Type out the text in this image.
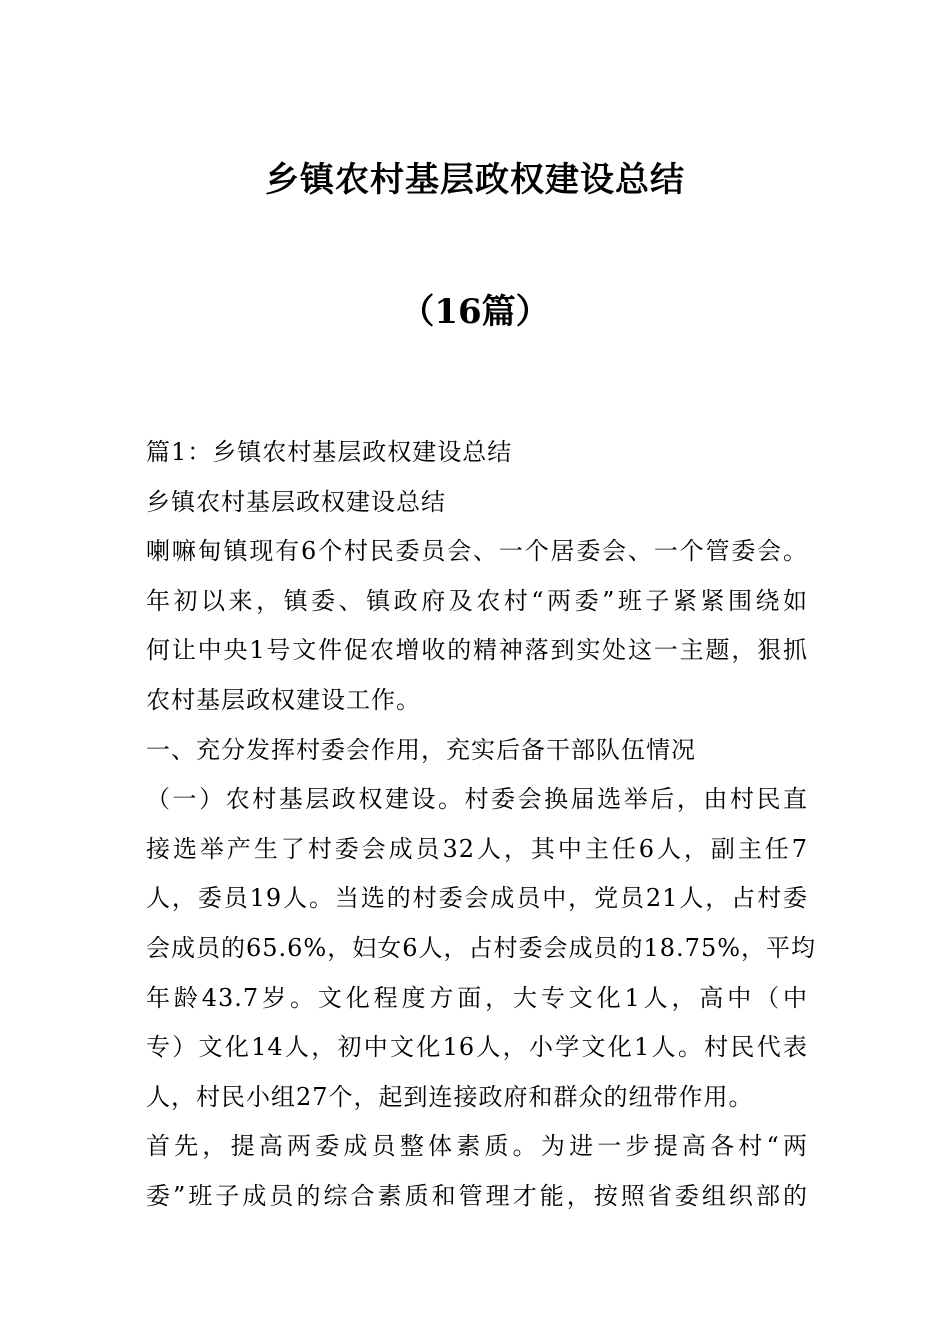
乡镇农村基层政权建设总结
（16篇）

篇1：乡镇农村基层政权建设总结

乡镇农村基层政权建设总结

喇嘛甸镇现有6个村民委员会、一个居委会、一个管委会。

年初以来，镇委、镇政府及农村“两委”班子紧紧围绕如

何让中央1号文件促农增收的精神落到实处这一主题，狠抓

农村基层政权建设工作。

一、充分发挥村委会作用，充实后备干部队伍情况

（一）农村基层政权建设。村委会换届选举后，由村民直

接选举产生了村委会成员32人，其中主任6人，副主任7

人，委员19人。当选的村委会成员中，党员21人，占村委

会成员的65.6%，妇女6人，占村委会成员的18.75%，平均

年龄43.7岁。文化程度方面，大专文化1人，高中（中

专）文化14人，初中文化16人，小学文化1人。村民代表

人，村民小组27个，起到连接政府和群众的纽带作用。

首先，提高两委成员整体素质。为进一步提高各村“两

委”班子成员的综合素质和管理才能，按照省委组织部的
